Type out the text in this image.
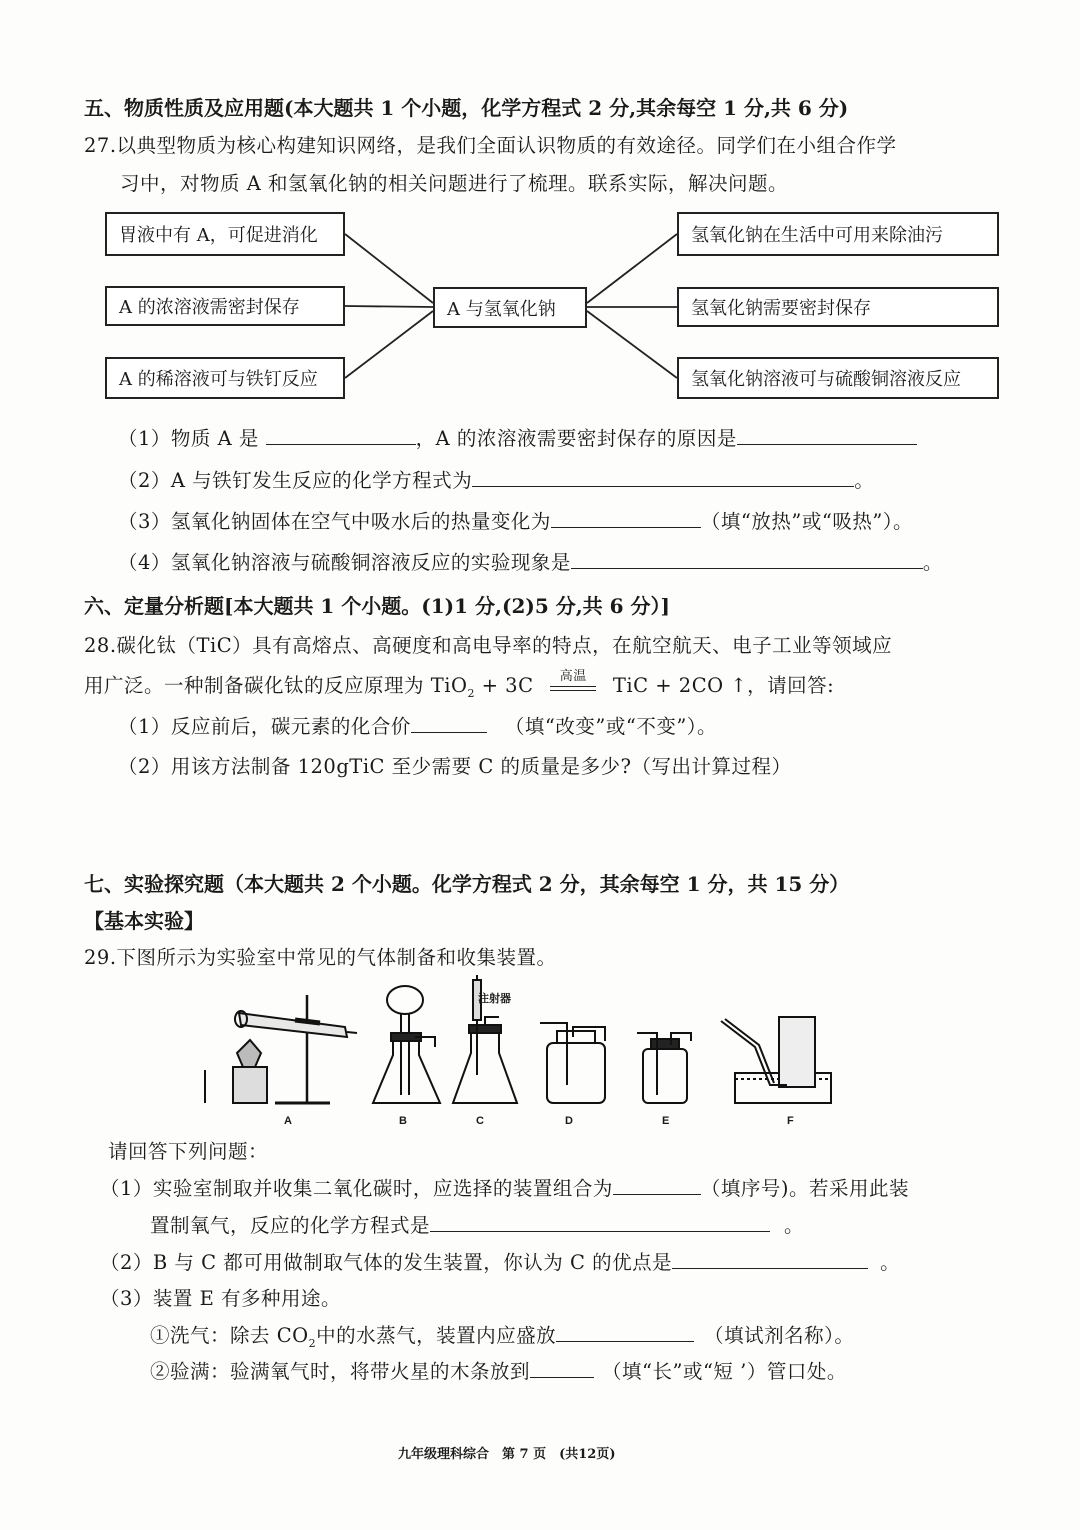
五、物质性质及应用题(本大题共 1 个小题，化学方程式 2 分,其余每空 1 分,共 6 分)
27.以典型物质为核心构建知识网络，是我们全面认识物质的有效途径。同学们在小组合作学
习中，对物质 A 和氢氧化钠的相关问题进行了梳理。联系实际，解决问题。
胃液中有 A，可促进消化
A 的浓溶液需密封保存
A 的稀溶液可与铁钉反应
A 与氢氧化钠
氢氧化钠在生活中可用来除油污
氢氧化钠需要密封保存
氢氧化钠溶液可与硫酸铜溶液反应
（1）物质 A 是	，A 的浓溶液需要密封保存的原因是
（2）A 与铁钉发生反应的化学方程式为	。
（3）氢氧化钠固体在空气中吸水后的热量变化为	（填“放热”或“吸热”）。
（4）氢氧化钠溶液与硫酸铜溶液反应的实验现象是	。
六、定量分析题[本大题共 1 个小题。(1)1 分,(2)5 分,共 6 分）]
28.碳化钛（TiC）具有高熔点、高硬度和高电导率的特点，在航空航天、电子工业等领域应
用广泛。一种制备碳化钛的反应原理为 TiO$_2$ + 3C	高温	TiC + 2CO ↑，请回答:
（1）反应前后，碳元素的化合价	（填“改变”或“不变”）。
（2）用该方法制备 120gTiC 至少需要 C 的质量是多少?（写出计算过程）
七、实验探究题（本大题共 2 个小题。化学方程式 2 分，其余每空 1 分，共 15 分）
【基本实验】
29.下图所示为实验室中常见的气体制备和收集装置。
注射器
A	B	C	D	E	F
请回答下列问题：
（1）实验室制取并收集二氧化碳时，应选择的装置组合为	（填序号)。若采用此装
置制氧气，反应的化学方程式是	。
（2）B 与 C 都可用做制取气体的发生装置，你认为 C 的优点是	。
（3）装置 E 有多种用途。
①洗气：除去 $CO_2$中的水蒸气，装置内应盛放	（填试剂名称）。
②验满：验满氧气时，将带火星的木条放到	（填“长”或“短 ’）管口处。
九年级理科综合　第 7 页　(共12页)
